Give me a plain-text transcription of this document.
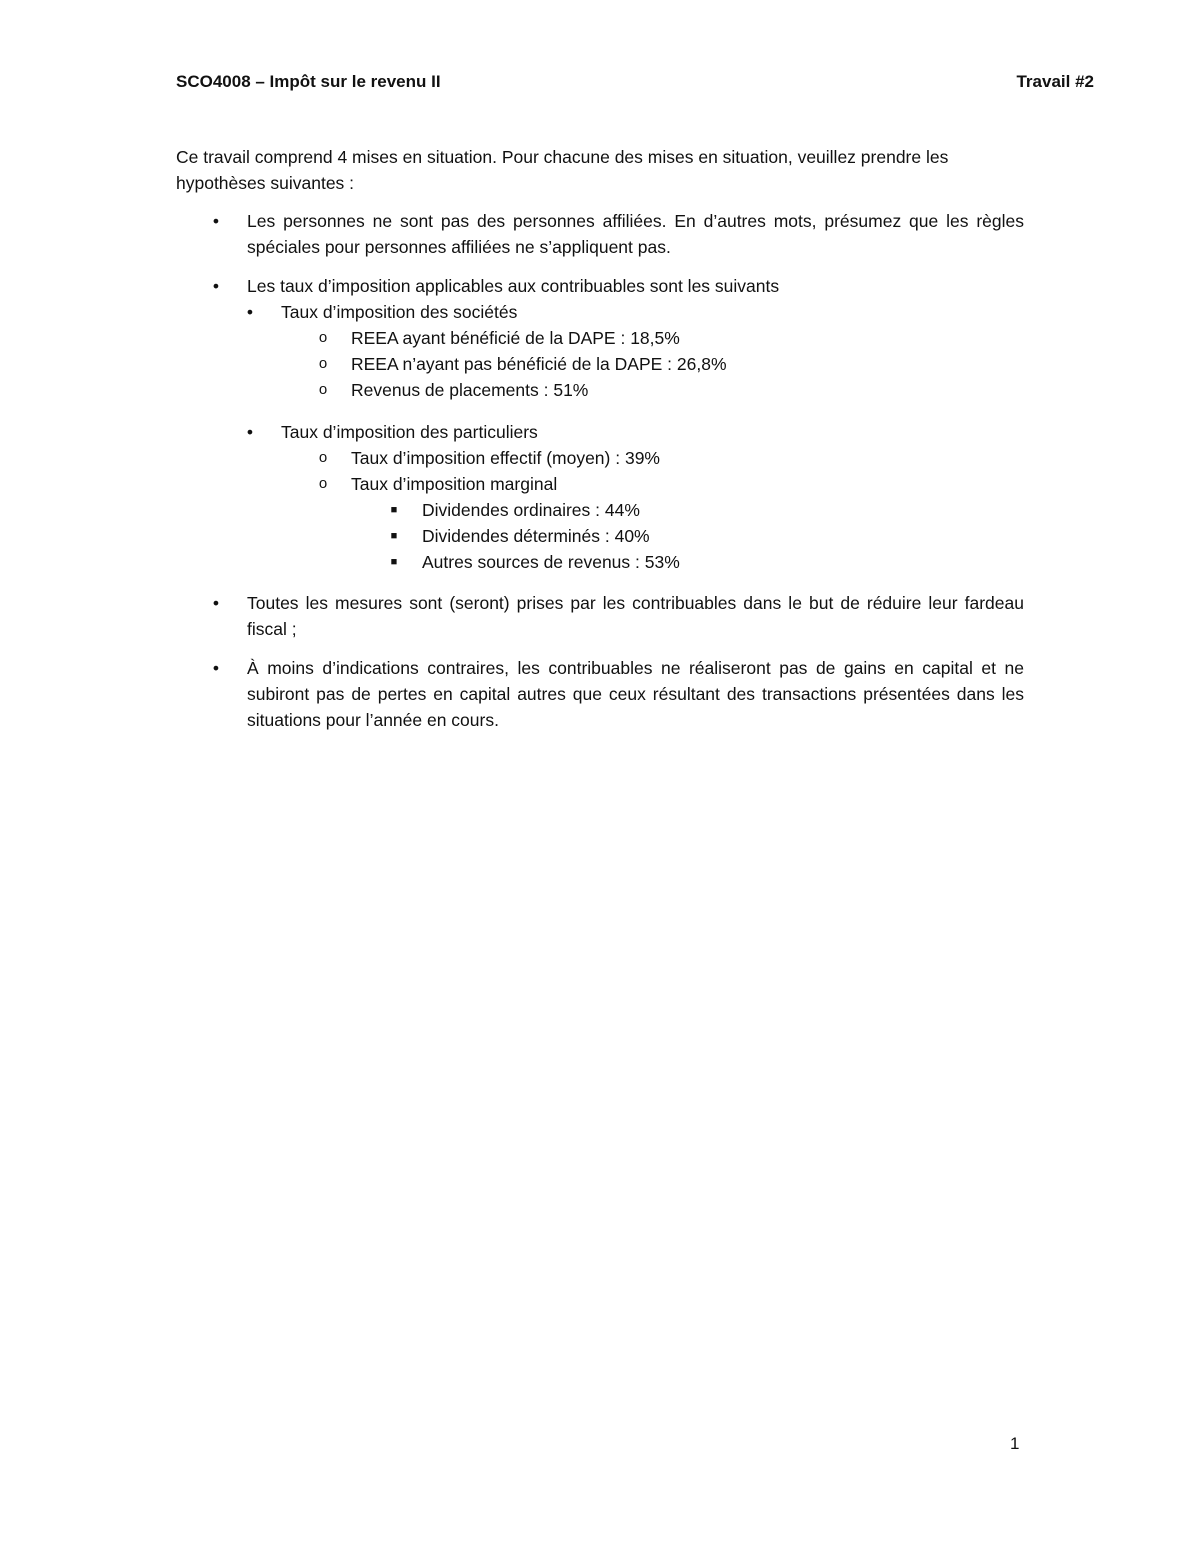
SCO4008 – Impôt sur le revenu II	Travail #2

Ce travail comprend 4 mises en situation. Pour chacune des mises en situation, veuillez prendre les hypothèses suivantes :

• Les personnes ne sont pas des personnes affiliées. En d’autres mots, présumez que les règles spéciales pour personnes affiliées ne s’appliquent pas.

• Les taux d’imposition applicables aux contribuables sont les suivants
• Taux d’imposition des sociétés
o REEA ayant bénéficié de la DAPE : 18,5%
o REEA n’ayant pas bénéficié de la DAPE : 26,8%
o Revenus de placements : 51%
• Taux d’imposition des particuliers
o Taux d’imposition effectif (moyen) : 39%
o Taux d’imposition marginal
■ Dividendes ordinaires : 44%
■ Dividendes déterminés : 40%
■ Autres sources de revenus : 53%
• Toutes les mesures sont (seront) prises par les contribuables dans le but de réduire leur fardeau fiscal ;

• À moins d’indications contraires, les contribuables ne réaliseront pas de gains en capital et ne subiront pas de pertes en capital autres que ceux résultant des transactions présentées dans les situations pour l’année en cours.

1
